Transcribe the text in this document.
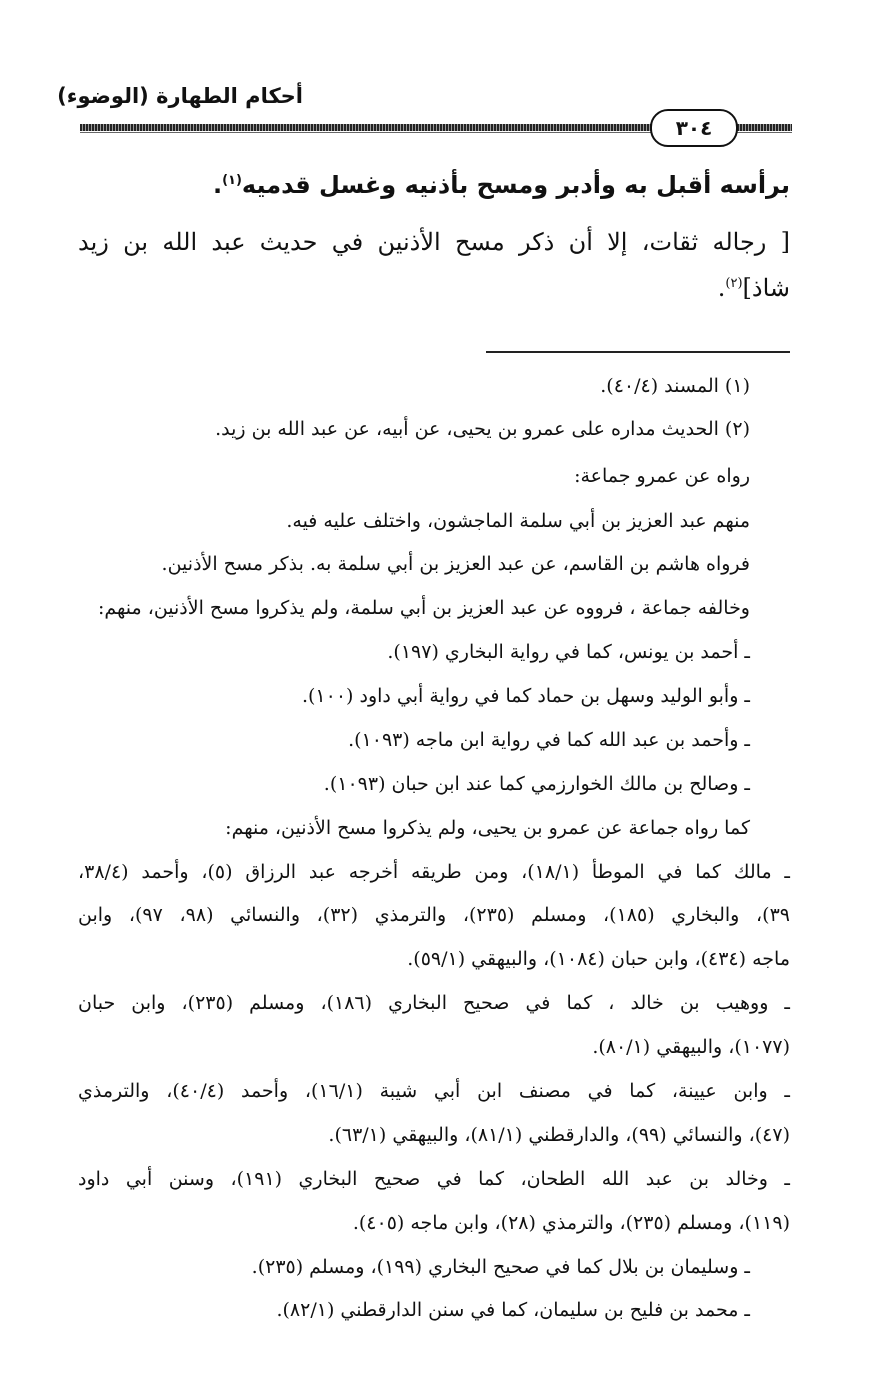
أحكام الطهارة (الوضوء)
٣٠٤
برأسه أقبل به وأدبر ومسح بأذنيه وغسل قدميه$^{(١)}$.
[ رجاله ثقات، إلا أن ذكر مسح الأذنين في حديث عبد الله بن زيد
شاذ]$^{(٢)}$.
(١) المسند (٤٠/٤).
(٢) الحديث مداره على عمرو بن يحيى، عن أبيه، عن عبد الله بن زيد.
رواه عن عمرو جماعة:
منهم عبد العزيز بن أبي سلمة الماجشون، واختلف عليه فيه.
فرواه هاشم بن القاسم، عن عبد العزيز بن أبي سلمة به. بذكر مسح الأذنين.
وخالفه جماعة ، فرووه عن عبد العزيز بن أبي سلمة، ولم يذكروا مسح الأذنين، منهم:
ـ أحمد بن يونس، كما في رواية البخاري (١٩٧).
ـ وأبو الوليد وسهل بن حماد كما في رواية أبي داود (١٠٠).
ـ وأحمد بن عبد الله كما في رواية ابن ماجه (١٠٩٣).
ـ وصالح بن مالك الخوارزمي كما عند ابن حبان (١٠٩٣).
كما رواه جماعة عن عمرو بن يحيى، ولم يذكروا مسح الأذنين، منهم:
ـ مالك كما في الموطأ (١٨/١)، ومن طريقه أخرجه عبد الرزاق (٥)، وأحمد (٣٨/٤،
٣٩)، والبخاري (١٨٥)، ومسلم (٢٣٥)، والترمذي (٣٢)، والنسائي (٩٨، ٩٧)، وابن
ماجه (٤٣٤)، وابن حبان (١٠٨٤)، والبيهقي (٥٩/١).
ـ ووهيب بن خالد ، كما في صحيح البخاري (١٨٦)، ومسلم (٢٣٥)، وابن حبان
(١٠٧٧)، والبيهقي (٨٠/١).
ـ وابن عيينة، كما في مصنف ابن أبي شيبة (١٦/١)، وأحمد (٤٠/٤)، والترمذي
(٤٧)، والنسائي (٩٩)، والدارقطني (٨١/١)، والبيهقي (٦٣/١).
ـ وخالد بن عبد الله الطحان، كما في صحيح البخاري (١٩١)، وسنن أبي داود
(١١٩)، ومسلم (٢٣٥)، والترمذي (٢٨)، وابن ماجه (٤٠٥).
ـ وسليمان بن بلال كما في صحيح البخاري (١٩٩)، ومسلم (٢٣٥).
ـ محمد بن فليح بن سليمان، كما في سنن الدارقطني (٨٢/١).
